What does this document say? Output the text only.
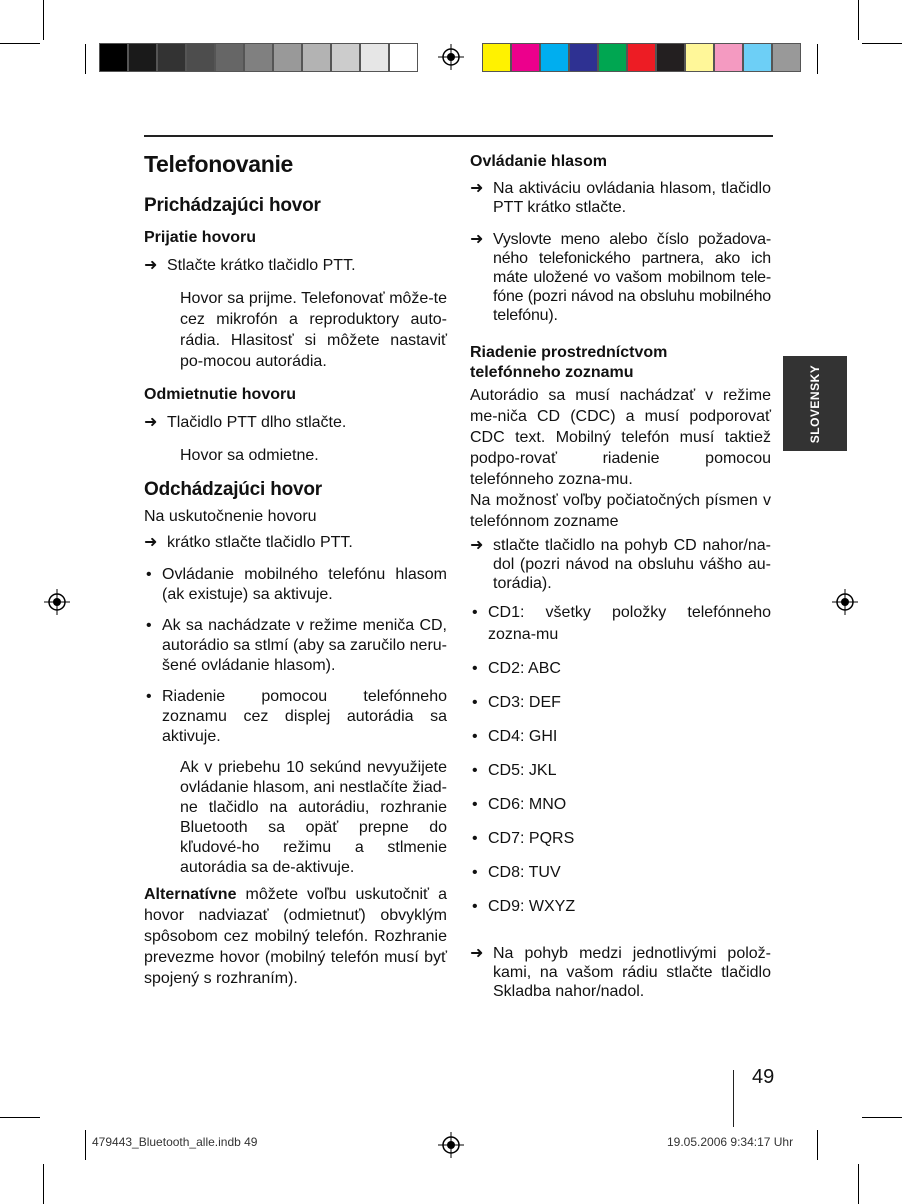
Telefonovanie

Prichádzajúci hovor

Prijatie hovoru

➜ Stlačte krátko tlačidlo PTT.

Hovor sa prijme. Telefonovať môže-te cez mikrofón a reproduktory auto-rádia. Hlasitosť si môžete nastaviť po-mocou autorádia.

Odmietnutie hovoru

➜ Tlačidlo PTT dlho stlačte.

Hovor sa odmietne.

Odchádzajúci hovor

Na uskutočnenie hovoru

➜ krátko stlačte tlačidlo PTT.
• Ovládanie mobilného telefónu hlasom (ak existuje) sa aktivuje.
• Ak sa nachádzate v režime meniča CD, autorádio sa stlmí (aby sa zaručilo neru-šené ovládanie hlasom).
• Riadenie pomocou telefónneho zoznamu cez displej autorádia sa aktivuje.

Ak v priebehu 10 sekúnd nevyužijete ovládanie hlasom, ani nestlačíte žiad-ne tlačidlo na autorádiu, rozhranie Bluetooth sa opäť prepne do kľudové-ho režimu a stlmenie autorádia sa de-aktivuje.

Alternatívne môžete voľbu uskutočniť a hovor nadviazať (odmietnuť) obvyklým spôsobom cez mobilný telefón. Rozhranie prevezme hovor (mobilný telefón musí byť spojený s rozhraním).

Ovládanie hlasom

➜ Na aktiváciu ovládania hlasom, tlačidlo PTT krátko stlačte.
➜ Vyslovte meno alebo číslo požadova-ného telefonického partnera, ako ich máte uložené vo vašom mobilnom tele-fóne (pozri návod na obsluhu mobilného telefónu).

Riadenie prostredníctvom
telefónneho zoznamu

Autorádio sa musí nachádzať v režime me-niča CD (CDC) a musí podporovať CDC text. Mobilný telefón musí taktiež podpo-rovať riadenie pomocou telefónneho zozna-mu.

Na možnosť voľby počiatočných písmen v telefónnom zozname

➜ stlačte tlačidlo na pohyb CD nahor/na-dol (pozri návod na obsluhu vášho au-torádia).
• CD1: všetky položky telefónneho zozna-mu
• CD2: ABC
• CD3: DEF
• CD4: GHI
• CD5: JKL
• CD6: MNO
• CD7: PQRS
• CD8: TUV
• CD9: WXYZ
➜ Na pohyb medzi jednotlivými polož-kami, na vašom rádiu stlačte tlačidlo Skladba nahor/nadol.
SLOVENSKY
49
479443_Bluetooth_alle.indb 49	19.05.2006 9:34:17 Uhr
